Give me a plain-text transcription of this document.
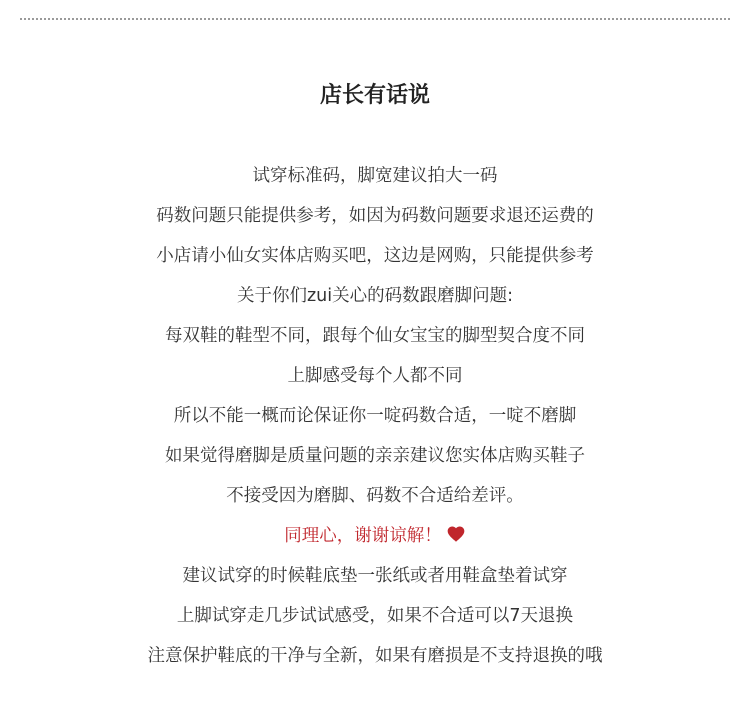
店长有话说
试穿标准码，脚宽建议拍大一码
码数问题只能提供参考，如因为码数问题要求退还运费的
小店请小仙女实体店购买吧，这边是网购，只能提供参考
关于你们zui关心的码数跟磨脚问题:
每双鞋的鞋型不同，跟每个仙女宝宝的脚型契合度不同
上脚感受每个人都不同
所以不能一概而论保证你一啶码数合适，一啶不磨脚
如果觉得磨脚是质量问题的亲亲建议您实体店购买鞋子
不接受因为磨脚、码数不合适给差评。
同理心，谢谢谅解！
建议试穿的时候鞋底垫一张纸或者用鞋盒垫着试穿
上脚试穿走几步试试感受，如果不合适可以7天退换
注意保护鞋底的干净与全新，如果有磨损是不支持退换的哦
